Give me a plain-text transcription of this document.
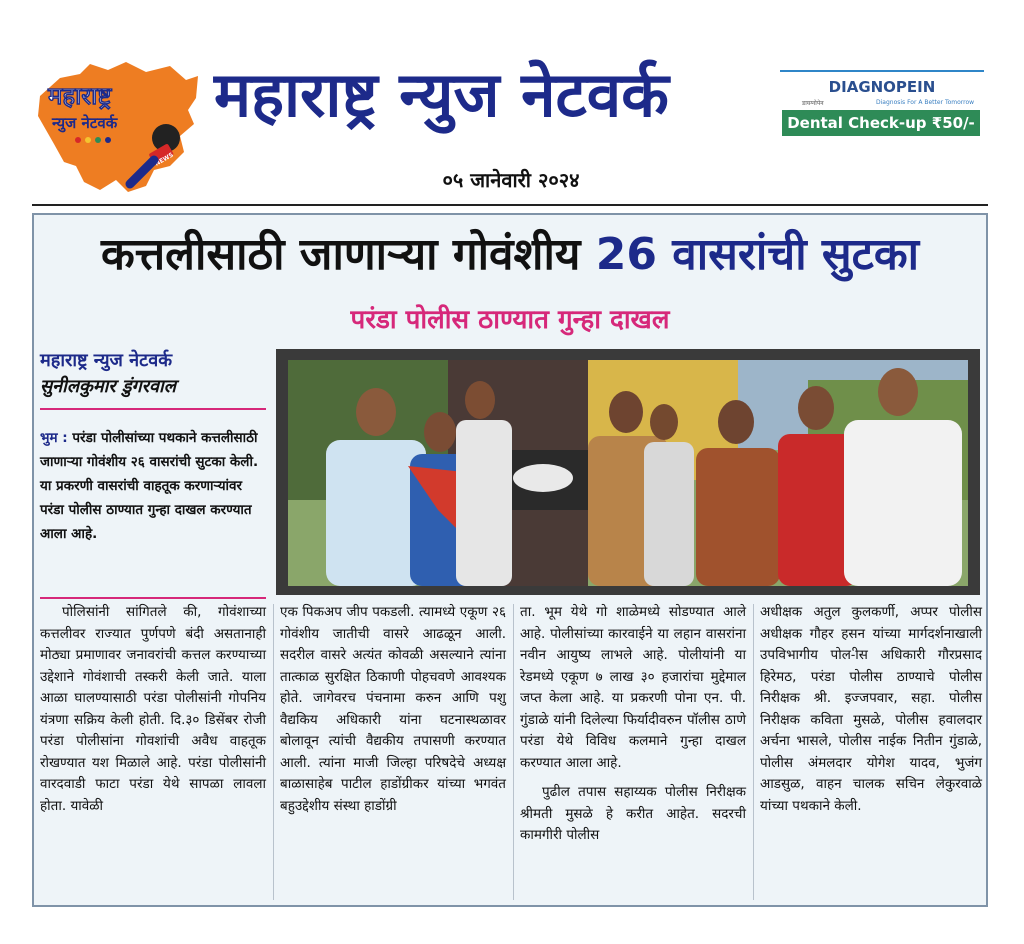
महाराष्ट्र
न्युज नेटवर्क
NEWS
महाराष्ट्र न्युज नेटवर्क	DIAGNOPEIN
डायग्नोपेन	Diagnosis For A Better Tomorrow
Dental Check-up ₹50/-
०५ जानेवारी २०२४
कत्तलीसाठी जाणाऱ्या गोवंशीय 26 वासरांची सुटका
परंडा पोलीस ठाण्यात गुन्हा दाखल
महाराष्ट्र न्युज नेटवर्क
सुनीलकुमार डुंगरवाल
भुम : परंडा पोलीसांच्या पथकाने कत्तलीसाठी जाणाऱ्या गोवंशीय २६ वासरांची सुटका केली. या प्रकरणी वासरांची वाहतूक करणाऱ्यांवर परंडा पोलीस ठाण्यात गुन्हा दाखल करण्यात आला आहे.

पोलिसांनी सांगितले की, गोवंशाच्या कत्तलीवर राज्यात पुर्णपणे बंदी असतानाही मोठ्या प्रमाणावर जनावरांची कत्तल करण्याच्या उद्देशाने गोवंशाची तस्करी केली जाते. याला आळा घालण्यासाठी परंडा पोलीसांनी गोपनिय यंत्रणा सक्रिय केली होती. दि.३० डिसेंबर रोजी परंडा पोलीसांना गोवशांची अवैध वाहतूक रोखण्यात यश मिळाले आहे. परंडा पोलीसांनी वारदवाडी फाटा परंडा येथे सापळा लावला होता. यावेळी

एक पिकअप जीप पकडली. त्यामध्ये एकूण २६ गोवंशीय जातीची वासरे आढळून आली. सदरील वासरे अत्यंत कोवळी असल्याने त्यांना तात्काळ सुरक्षित ठिकाणी पोहचवणे आवश्यक होते. जागेवरच पंचनामा करुन आणि पशु वैद्यकिय अधिकारी यांना घटनास्थळावर बोलावून त्यांची वैद्यकीय तपासणी करण्यात आली. त्यांना माजी जिल्हा परिषदेचे अध्यक्ष बाळासाहेब पाटील हाडोंग्रीकर यांच्या भगवंत बहुउद्देशीय संस्था हाडोंग्री

ता. भूम येथे गो शाळेमध्ये सोडण्यात आले आहे. पोलीसांच्या कारवाईने या लहान वासरांना नवीन आयुष्य लाभले आहे. पोलीयांनी या रेडमध्ये एकूण ७ लाख ३० हजारांचा मुद्देमाल जप्त केला आहे. या प्रकरणी पोना एन. पी. गुंडाळे यांनी दिलेल्या फिर्यादीवरुन पॉलीस ठाणे परंडा येथे विविध कलमाने गुन्हा दाखल करण्यात आला आहे.

पुढील तपास सहाय्यक पोलीस निरीक्षक श्रीमती मुसळे हे करीत आहेत. सदरची कामगीरी पोलीस

अधीक्षक अतुल कुलकर्णी, अप्पर पोलीस अधीक्षक गौहर हसन यांच्या मार्गदर्शनाखाली उपविभागीय पोल-ीस अधिकारी गौरप्रसाद हिरेमठ, परंडा पोलीस ठाण्याचे पोलीस निरीक्षक श्री. इज्जपवार, सहा. पोलीस निरीक्षक कविता मुसळे, पोलीस हवालदार अर्चना भासले, पोलीस नाईक नितीन गुंडाळे, पोलीस अंमलदार योगेश यादव, भुजंग आडसुळ, वाहन चालक सचिन लेकुरवाळे यांच्या पथकाने केली.
